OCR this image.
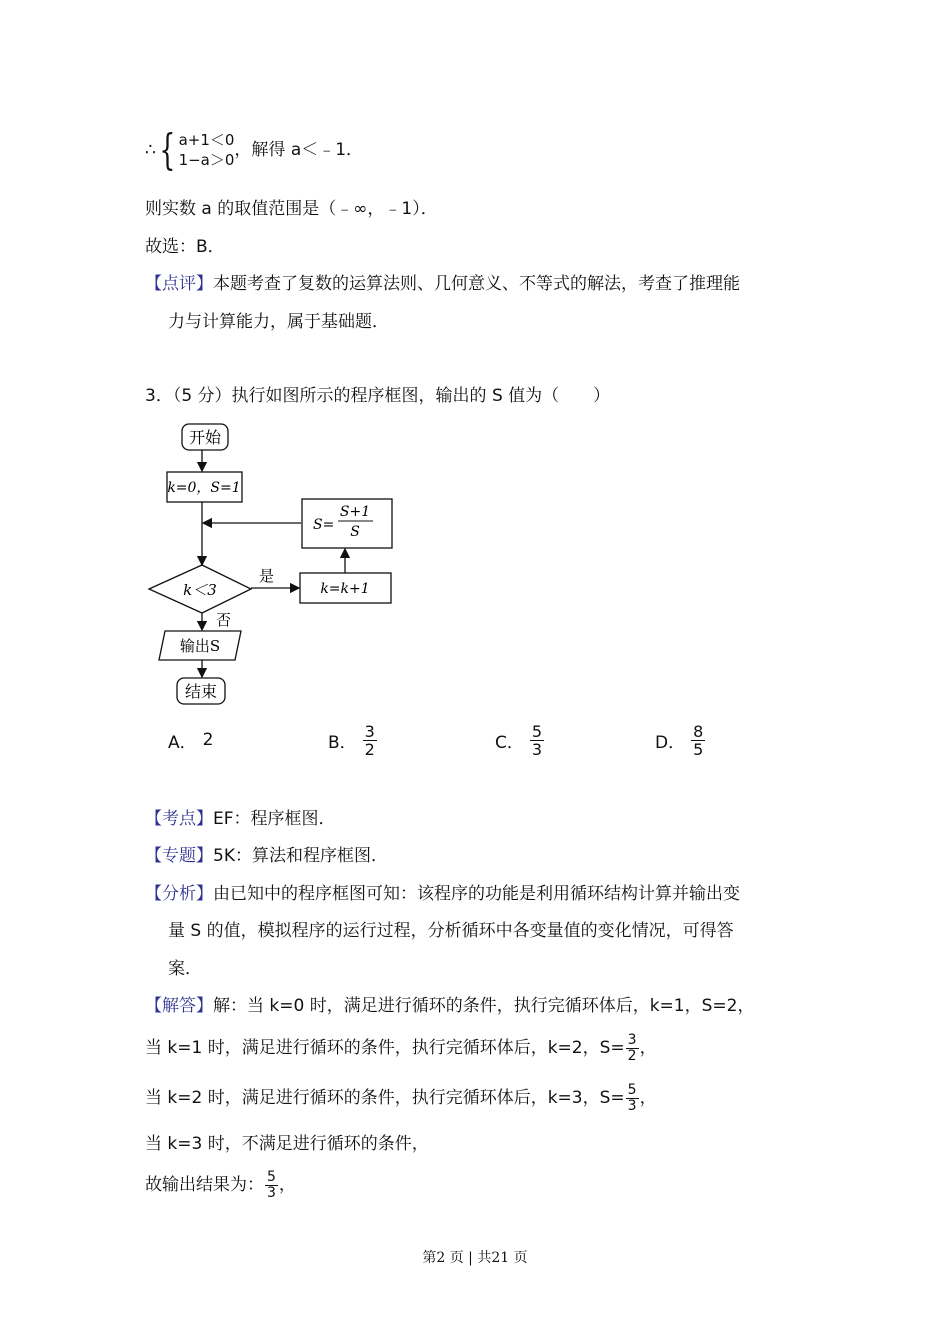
∴ { a+1＜0
1−a＞0 ，解得 a＜﹣1．
则实数 a 的取值范围是（﹣∞，﹣1）．
故选：B．
【点评】本题考查了复数的运算法则、几何意义、不等式的解法，考查了推理能
力与计算能力，属于基础题．
3．（5 分）执行如图所示的程序框图，输出的 S 值为（　　）
开始
k=0，S=1
S=
S+1
S
k＜3
是
k=k+1
否
输出S
结束
A． 2	B． $\frac{3}{2}$	C． $\frac{5}{3}$	D． $\frac{8}{5}$
【考点】EF：程序框图．
【专题】5K：算法和程序框图．
【分析】由已知中的程序框图可知：该程序的功能是利用循环结构计算并输出变
量 S 的值，模拟程序的运行过程，分析循环中各变量值的变化情况，可得答
案．
【解答】解：当 k=0 时，满足进行循环的条件，执行完循环体后，k=1，S=2，
当 k=1 时，满足进行循环的条件，执行完循环体后，k=2，$S= \frac{3}{2}$ ，
当 k=2 时，满足进行循环的条件，执行完循环体后，k=3，$S= \frac{5}{3}$ ，
当 k=3 时，不满足进行循环的条件，
故输出结果为： $\frac{5}{3}$ ，
第2 页 | 共21 页
